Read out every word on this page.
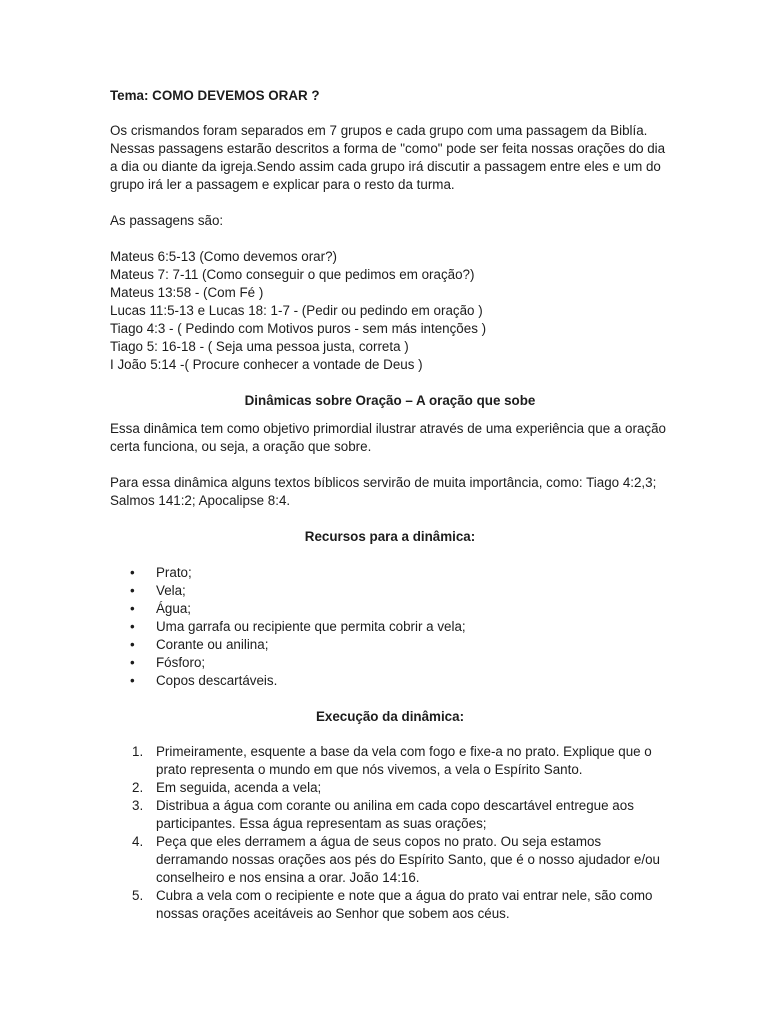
Tema: COMO DEVEMOS ORAR ?

Os crismandos foram separados em 7 grupos e cada grupo com uma passagem da Biblía. Nessas passagens estarão descritos a forma de "como" pode ser feita nossas orações do dia a dia ou diante da igreja.Sendo assim cada grupo irá discutir a passagem entre eles e um do grupo irá ler a passagem e explicar para o resto da turma.

As passagens são:

Mateus 6:5-13 (Como devemos orar?)
Mateus 7: 7-11 (Como conseguir o que pedimos em oração?)
Mateus 13:58 - (Com Fé )
Lucas 11:5-13 e Lucas 18: 1-7 - (Pedir ou pedindo em oração )
Tiago 4:3 - ( Pedindo com Motivos puros - sem más intenções )
Tiago 5: 16-18 - ( Seja uma pessoa justa, correta )
I João 5:14 -( Procure conhecer a vontade de Deus )

Dinâmicas sobre Oração – A oração que sobe

Essa dinâmica tem como objetivo primordial ilustrar através de uma experiência que a oração certa funciona, ou seja, a oração que sobre.

Para essa dinâmica alguns textos bíblicos servirão de muita importância, como: Tiago 4:2,3; Salmos 141:2; Apocalipse 8:4.

Recursos para a dinâmica:

• Prato;
• Vela;
• Água;
• Uma garrafa ou recipiente que permita cobrir a vela;
• Corante ou anilina;
• Fósforo;
• Copos descartáveis.

Execução da dinâmica:

1. Primeiramente, esquente a base da vela com fogo e fixe-a no prato. Explique que o prato representa o mundo em que nós vivemos, a vela o Espírito Santo.
2. Em seguida, acenda a vela;
3. Distribua a água com corante ou anilina em cada copo descartável entregue aos participantes. Essa água representam as suas orações;
4. Peça que eles derramem a água de seus copos no prato. Ou seja estamos derramando nossas orações aos pés do Espírito Santo, que é o nosso ajudador e/ou conselheiro e nos ensina a orar. João 14:16.
5. Cubra a vela com o recipiente e note que a água do prato vai entrar nele, são como nossas orações aceitáveis ao Senhor que sobem aos céus.
